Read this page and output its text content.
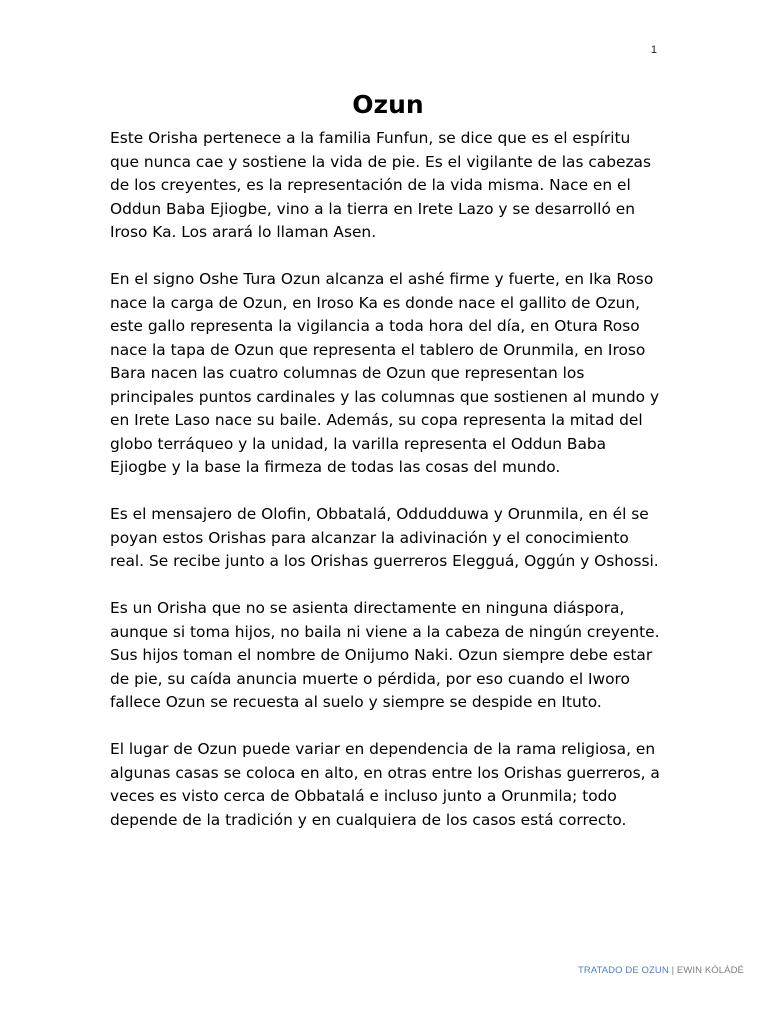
1
Ozun

Este Orisha pertenece a la familia Funfun, se dice que es el espíritu que nunca cae y sostiene la vida de pie. Es el vigilante de las cabezas de los creyentes, es la representación de la vida misma. Nace en el Oddun Baba Ejiogbe, vino a la tierra en Irete Lazo y se desarrolló en Iroso Ka. Los arará lo llaman Asen.

En el signo Oshe Tura Ozun alcanza el ashé firme y fuerte, en Ika Roso nace la carga de Ozun, en Iroso Ka es donde nace el gallito de Ozun, este gallo representa la vigilancia a toda hora del día, en Otura Roso nace la tapa de Ozun que representa el tablero de Orunmila, en Iroso Bara nacen las cuatro columnas de Ozun que representan los principales puntos cardinales y las columnas que sostienen al mundo y en Irete Laso nace su baile. Además, su copa representa la mitad del globo terráqueo y la unidad, la varilla representa el Oddun Baba Ejiogbe y la base la firmeza de todas las cosas del mundo.

Es el mensajero de Olofin, Obbatalá, Oddudduwa y Orunmila, en él se poyan estos Orishas para alcanzar la adivinación y el conocimiento real. Se recibe junto a los Orishas guerreros Elegguá, Oggún y Oshossi.

Es un Orisha que no se asienta directamente en ninguna diáspora, aunque si toma hijos, no baila ni viene a la cabeza de ningún creyente. Sus hijos toman el nombre de Onijumo Naki. Ozun siempre debe estar de pie, su caída anuncia muerte o pérdida, por eso cuando el Iworo fallece Ozun se recuesta al suelo y siempre se despide en Ituto.

El lugar de Ozun puede variar en dependencia de la rama religiosa, en algunas casas se coloca en alto, en otras entre los Orishas guerreros, a veces es visto cerca de Obbatalá e incluso junto a Orunmila; todo depende de la tradición y en cualquiera de los casos está correcto.

TRATADO DE OZUN | EWIN KÓLÁDÉ
